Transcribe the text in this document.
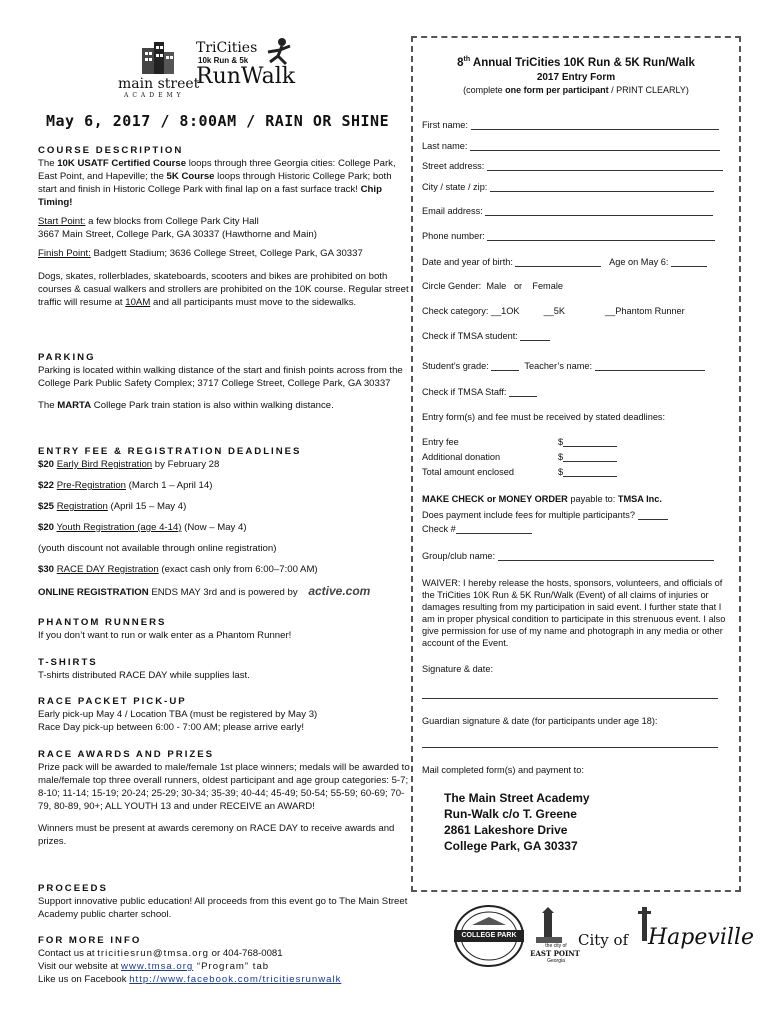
main street
ACADEMY
TriCities
10k Run & 5k
RunWalk
May 6, 2017 / 8:00AM / RAIN OR SHINE
COURSE DESCRIPTION

The 10K USATF Certified Course loops through three Georgia cities: College Park, East Point, and Hapeville; the 5K Course loops through Historic College Park; both start and finish in Historic College Park with final lap on a fast surface track! Chip Timing!

Start Point: a few blocks from College Park City Hall
3667 Main Street, College Park, GA 30337 (Hawthorne and Main)

Finish Point: Badgett Stadium; 3636 College Street, College Park, GA 30337

Dogs, skates, rollerblades, skateboards, scooters and bikes are prohibited on both courses & casual walkers and strollers are prohibited on the 10K course. Regular street traffic will resume at 10AM and all participants must move to the sidewalks.

PARKING

Parking is located within walking distance of the start and finish points across from the College Park Public Safety Complex; 3717 College Street, College Park, GA 30337

The MARTA College Park train station is also within walking distance.

ENTRY FEE & REGISTRATION DEADLINES

$20 Early Bird Registration by February 28

$22 Pre-Registration (March 1 – April 14)

$25 Registration (April 15 – May 4)

$20 Youth Registration (age 4-14) (Now – May 4)

(youth discount not available through online registration)

$30 RACE DAY Registration (exact cash only from 6:00–7:00 AM)

ONLINE REGISTRATION ENDS MAY 3rd and is powered by active.com

PHANTOM RUNNERS

If you don’t want to run or walk enter as a Phantom Runner!

T-SHIRTS

T-shirts distributed RACE DAY while supplies last.

RACE PACKET PICK-UP

Early pick-up May 4 / Location TBA (must be registered by May 3)

Race Day pick-up between 6:00 - 7:00 AM; please arrive early!

RACE AWARDS AND PRIZES

Prize pack will be awarded to male/female 1st place winners; medals will be awarded to male/female top three overall runners, oldest participant and age group categories: 5-7; 8-10; 11-14; 15-19; 20-24; 25-29; 30-34; 35-39; 40-44; 45-49; 50-54; 55-59; 60-69; 70-79, 80-89, 90+; ALL YOUTH 13 and under RECEIVE an AWARD!

Winners must be present at awards ceremony on RACE DAY to receive awards and prizes.

PROCEEDS

Support innovative public education! All proceeds from this event go to The Main Street Academy public charter school.

FOR MORE INFO

Contact us at tricitiesrun@tmsa.org or 404-768-0081

Visit our website at www.tmsa.org “Program” tab

Like us on Facebook http://www.facebook.com/tricitiesrunwalk

8th Annual TriCities 10K Run & 5K Run/Walk
2017 Entry Form
(complete one form per participant / PRINT CLEARLY)
First name:
Last name:
Street address:
City / state / zip:
Email address:
Phone number:
Date and year of birth:	Age on May 6:
Circle Gender: Male or Female
Check category: __1OK	__5K	__Phantom Runner
Check if TMSA student:
Student’s grade:	Teacher’s name:
Check if TMSA Staff:
Entry form(s) and fee must be received by stated deadlines:
Entry fee	$
Additional donation	$
Total amount enclosed	$
MAKE CHECK or MONEY ORDER payable to: TMSA Inc.
Does payment include fees for multiple participants?
Check #
Group/club name:
WAIVER: I hereby release the hosts, sponsors, volunteers, and officials of the TriCities 10K Run & 5K Run/Walk (Event) of all claims of injuries or damages resulting from my participation in said event. I further state that I am in proper physical condition to participate in this strenuous event. I also give permission for use of my name and photograph in any media or other account of the Event.
Signature & date:
Guardian signature & date (for participants under age 18):
Mail completed form(s) and payment to:
The Main Street Academy
Run-Walk c/o T. Greene
2861 Lakeshore Drive
College Park, GA 30337
COLLEGE PARK
the city of
EAST POINT
Georgia
City of Hapeville
